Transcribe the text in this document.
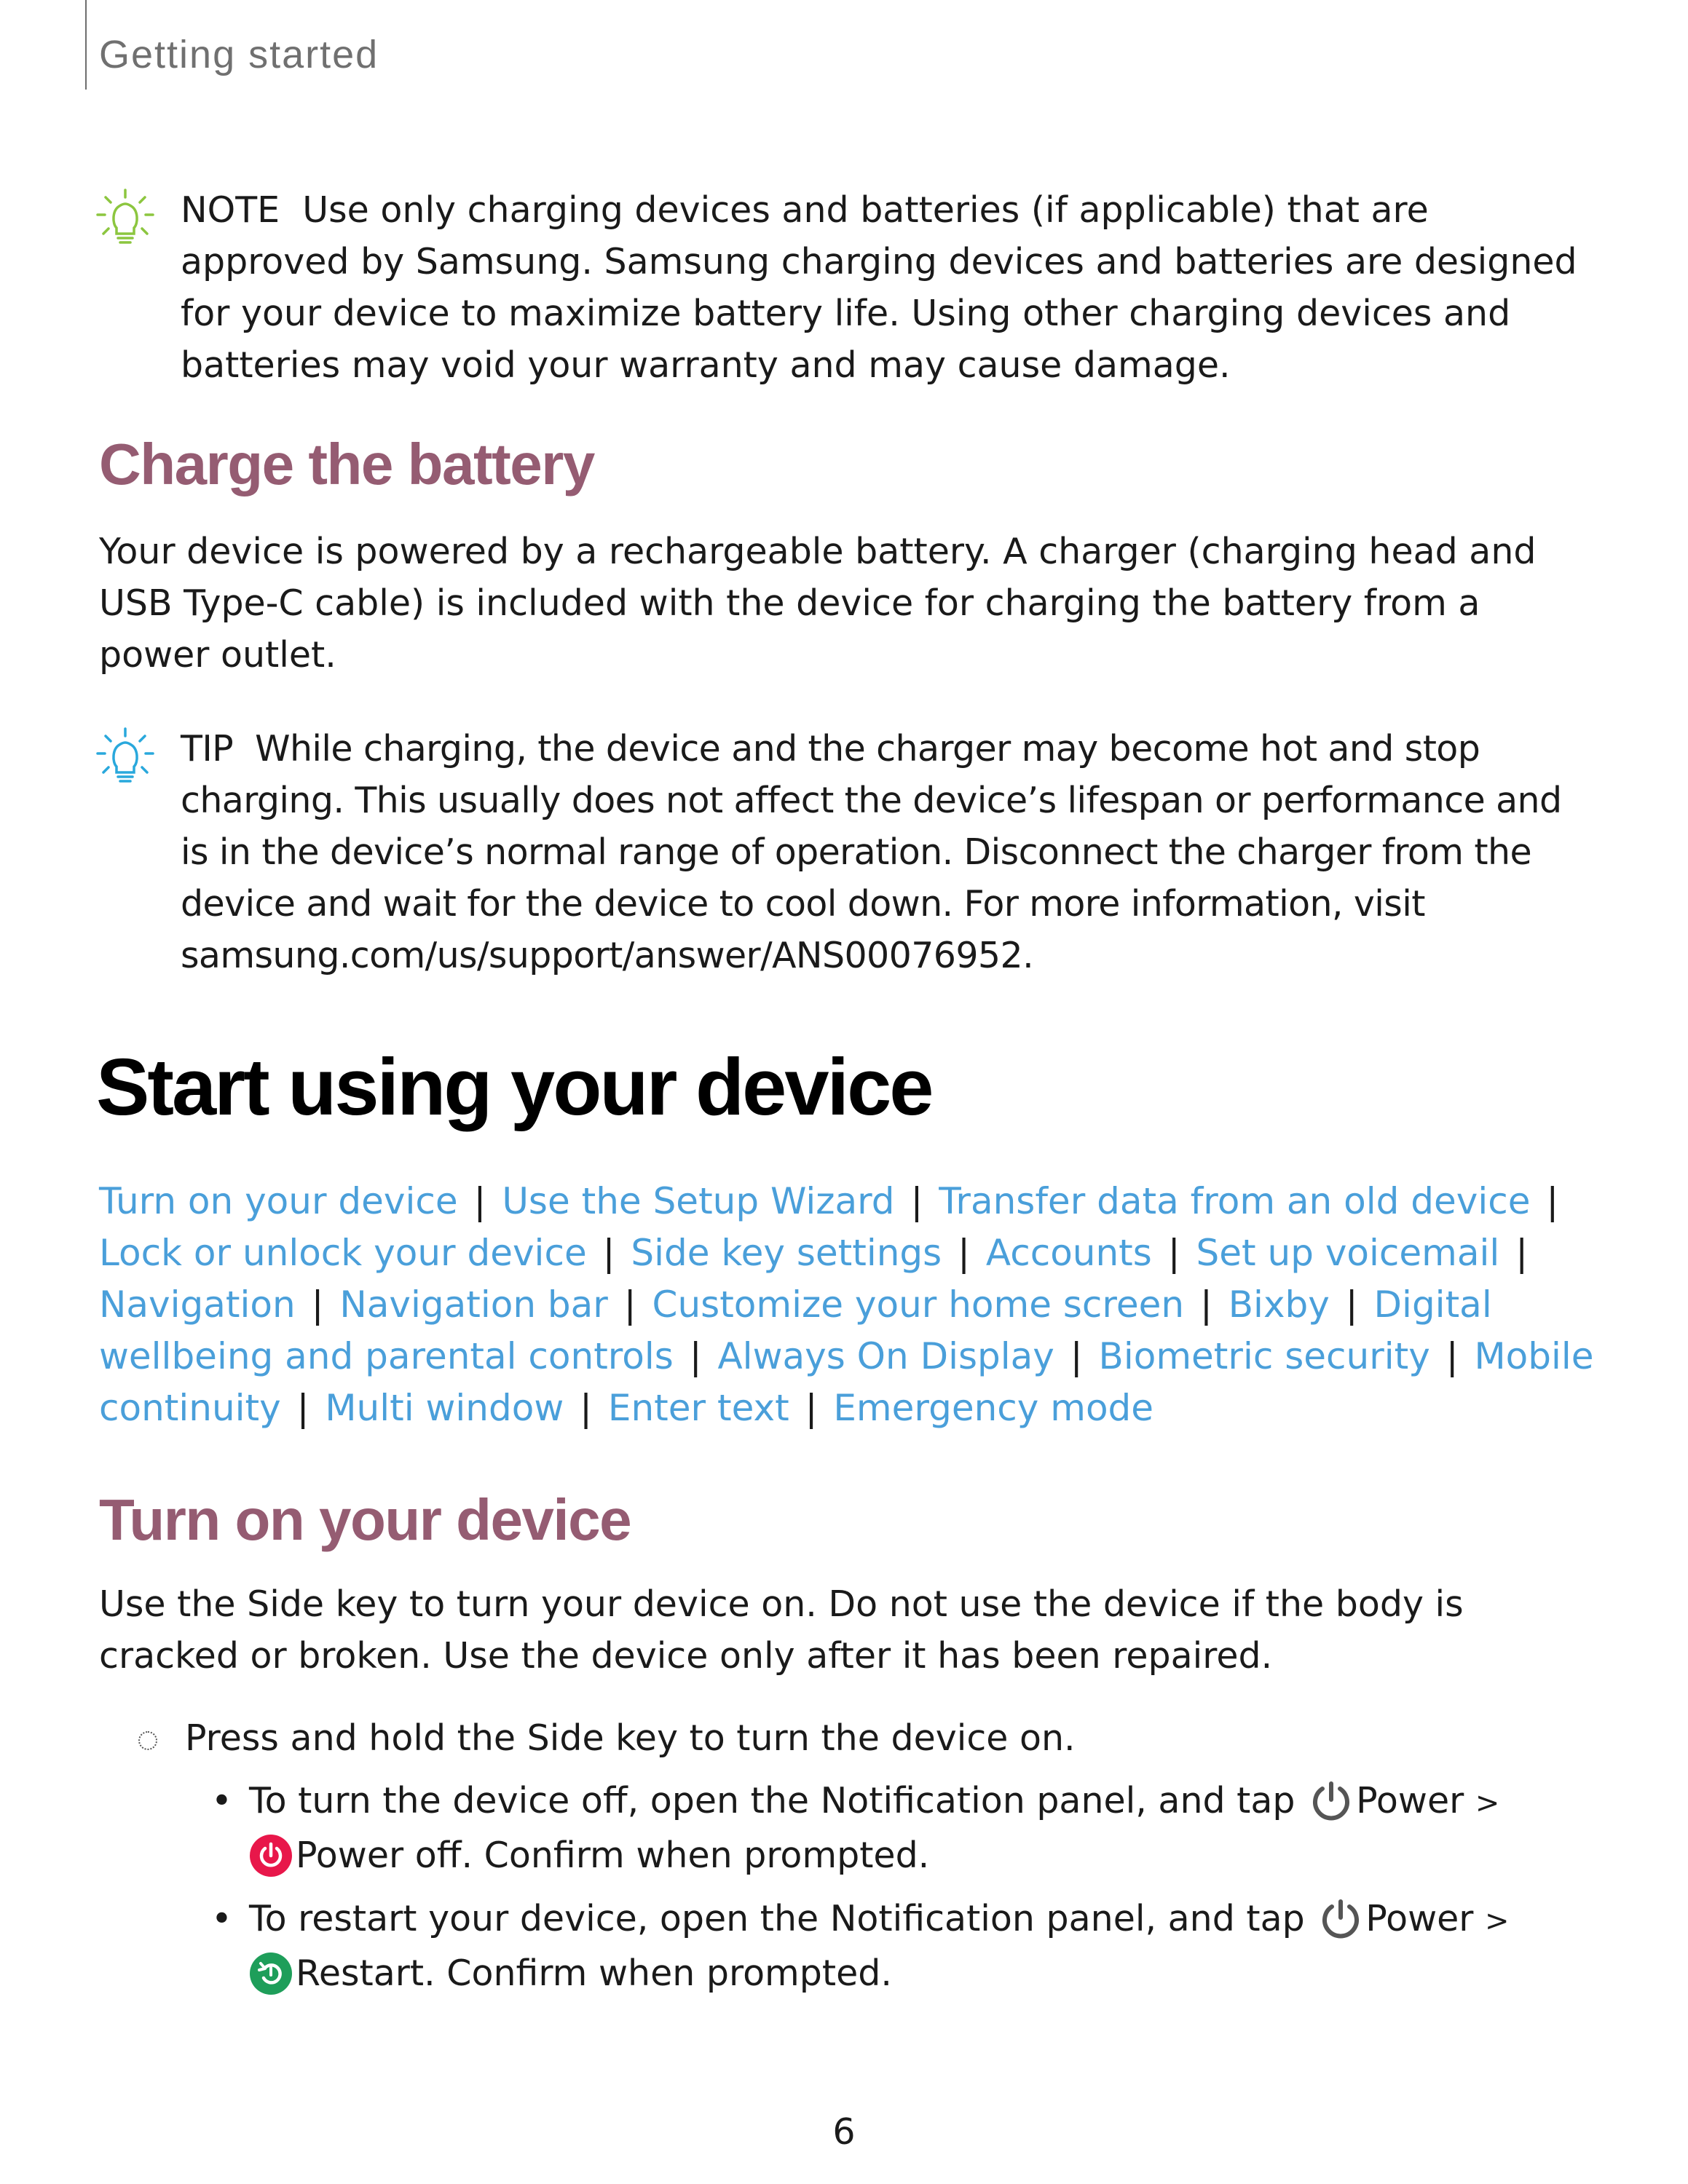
Getting started
NOTE Use only charging devices and batteries (if applicable) that are approved by Samsung. Samsung charging devices and batteries are designed for your device to maximize battery life. Using other charging devices and batteries may void your warranty and may cause damage.
Charge the battery
Your device is powered by a rechargeable battery. A charger (charging head and USB Type-C cable) is included with the device for charging the battery from a power outlet.
TIP While charging, the device and the charger may become hot and stop charging. This usually does not affect the device’s lifespan or performance and is in the device’s normal range of operation. Disconnect the charger from the device and wait for the device to cool down. For more information, visit samsung.com/us/support/answer/ANS00076952.
Start using your device
Turn on your device | Use the Setup Wizard | Transfer data from an old device | Lock or unlock your device | Side key settings | Accounts | Set up voicemail | Navigation | Navigation bar | Customize your home screen | Bixby | Digital wellbeing and parental controls | Always On Display | Biometric security | Mobile continuity | Multi window | Enter text | Emergency mode
Turn on your device
Use the Side key to turn your device on. Do not use the device if the body is cracked or broken. Use the device only after it has been repaired.
Press and hold the Side key to turn the device on.
• To turn the device off, open the Notification panel, and tap Power >
Power off. Confirm when prompted.
• To restart your device, open the Notification panel, and tap Power >
Restart. Confirm when prompted.
6
